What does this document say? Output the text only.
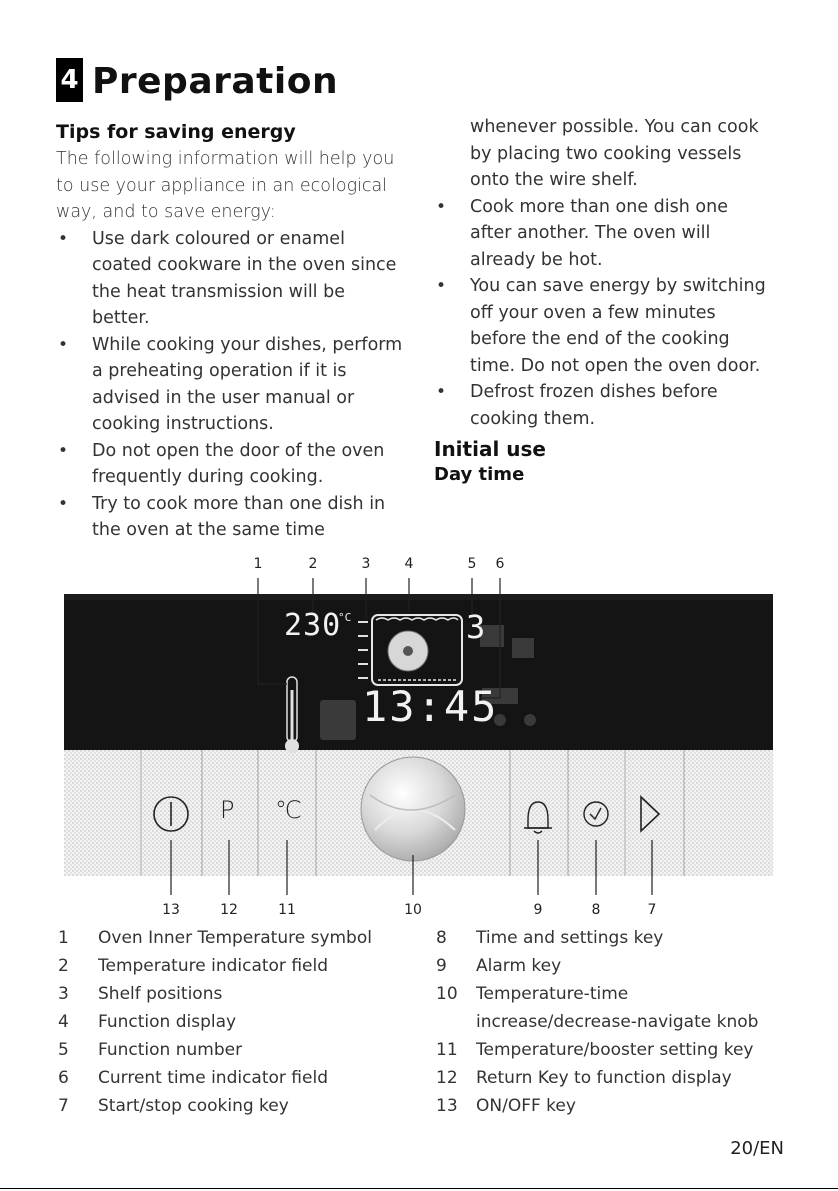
4 Preparation
Tips for saving energy
The following information will help you to use your appliance in an ecological way, and to save energy:
• Use dark coloured or enamel coated cookware in the oven since the heat transmission will be better.
• While cooking your dishes, perform a preheating operation if it is advised in the user manual or cooking instructions.
• Do not open the door of the oven frequently during cooking.
• Try to cook more than one dish in the oven at the same time
whenever possible. You can cook by placing two cooking vessels onto the wire shelf.
• Cook more than one dish one after another. The oven will already be hot.
• You can save energy by switching off your oven a few minutes before the end of the cooking time. Do not open the oven door.
• Defrost frozen dishes before cooking them.
Initial use
Day time
230
°C	3
13:45
P ℃
1	2	3	4	5	6
13	12	11	10	9	8	7
1 Oven Inner Temperature symbol
2 Temperature indicator field
3 Shelf positions
4 Function display
5 Function number
6 Current time indicator field
7 Start/stop cooking key
8 Time and settings key
9 Alarm key
10 Temperature-time
increase/decrease-navigate knob
11 Temperature/booster setting key
12 Return Key to function display
13 ON/OFF key
20/EN
